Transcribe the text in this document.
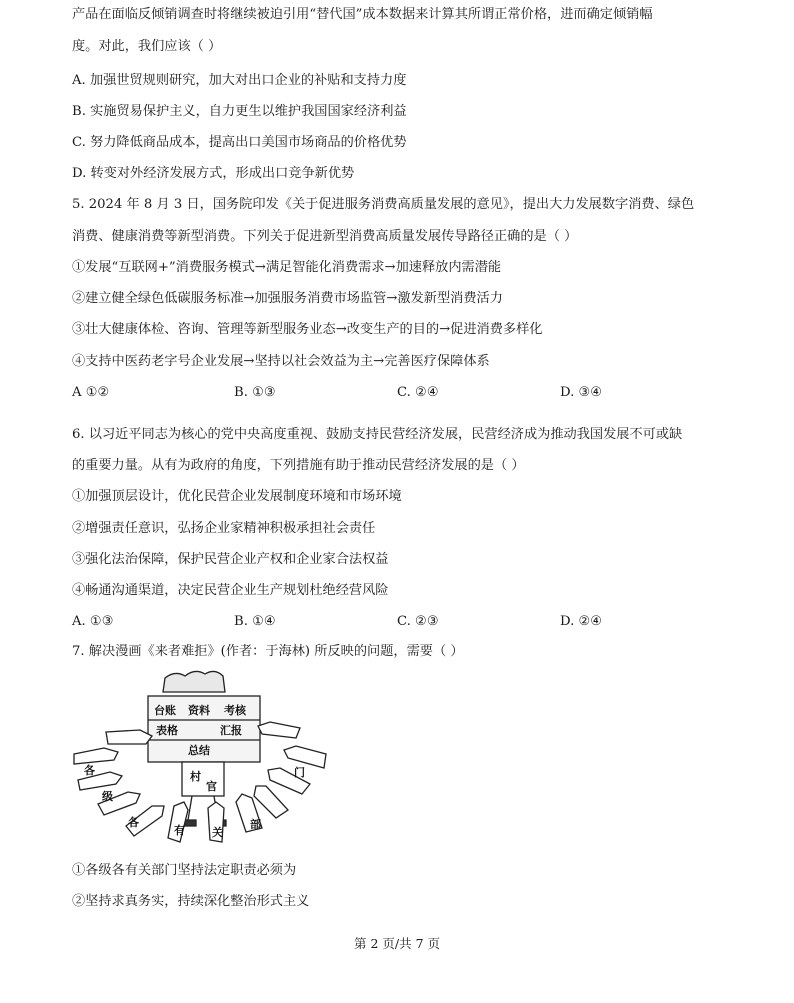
产品在面临反倾销调查时将继续被迫引用“替代国”成本数据来计算其所谓正常价格，进而确定倾销幅
度。对此，我们应该（ ）
A. 加强世贸规则研究，加大对出口企业的补贴和支持力度
B. 实施贸易保护主义，自力更生以维护我国国家经济利益
C. 努力降低商品成本，提高出口美国市场商品的价格优势
D. 转变对外经济发展方式，形成出口竞争新优势
5. 2024 年 8 月 3 日，国务院印发《关于促进服务消费高质量发展的意见》，提出大力发展数字消费、绿色
消费、健康消费等新型消费。下列关于促进新型消费高质量发展传导路径正确的是（ ）
①发展“互联网+”消费服务模式→满足智能化消费需求→加速释放内需潜能
②建立健全绿色低碳服务标准→加强服务消费市场监管→激发新型消费活力
③壮大健康体检、咨询、管理等新型服务业态→改变生产的目的→促进消费多样化
④支持中医药老字号企业发展→坚持以社会效益为主→完善医疗保障体系
A ①②	B. ①③	C. ②④	D. ③④
6. 以习近平同志为核心的党中央高度重视、鼓励支持民营经济发展，民营经济成为推动我国发展不可或缺
的重要力量。从有为政府的角度，下列措施有助于推动民营经济发展的是（ ）
①加强顶层设计，优化民营企业发展制度环境和市场环境
②增强责任意识，弘扬企业家精神积极承担社会责任
③强化法治保障，保护民营企业产权和企业家合法权益
④畅通沟通渠道，决定民营企业生产规划杜绝经营风险
A. ①③	B. ①④	C. ②③	D. ②④
7. 解决漫画《来者难拒》(作者：于海林) 所反映的问题，需要（ ）
台账 资料 考核
表格	汇报
总结
村
官
各
级
各
有 关
部
门
①各级各有关部门坚持法定职责必须为
②坚持求真务实，持续深化整治形式主义
第 2 页/共 7 页
